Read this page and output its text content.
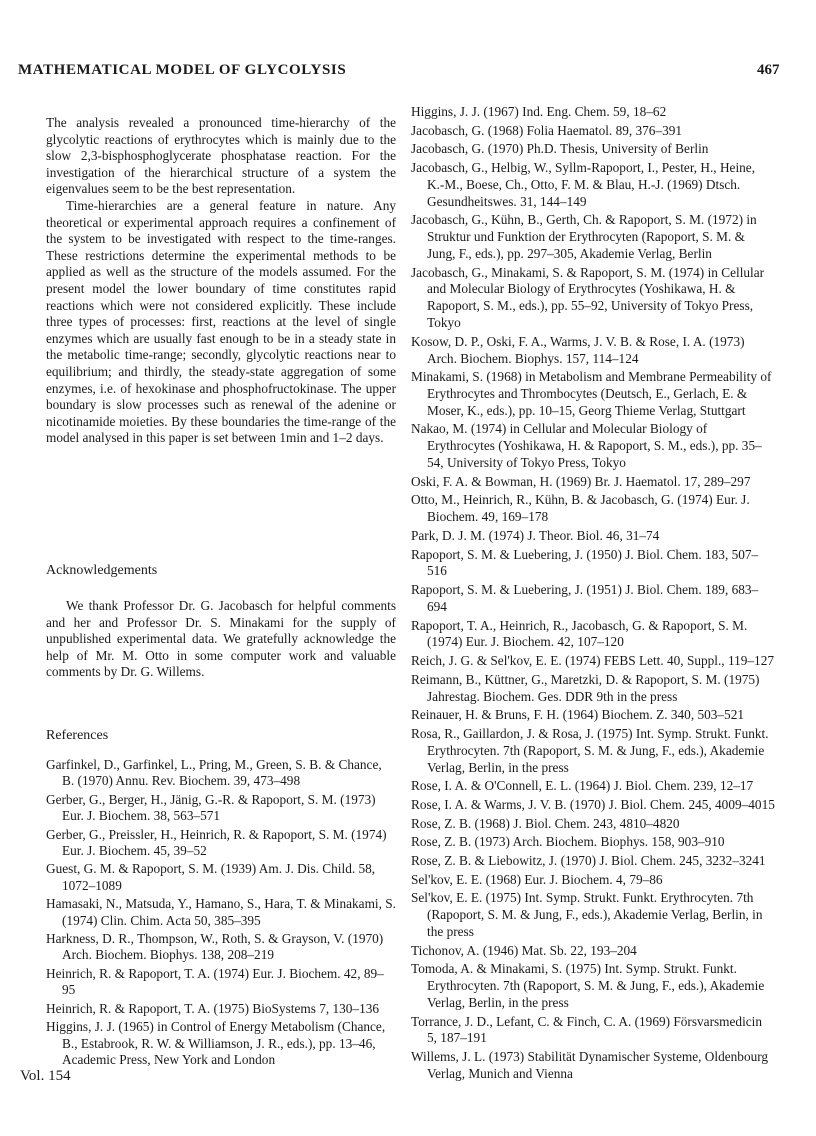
MATHEMATICAL MODEL OF GLYCOLYSIS	467

The analysis revealed a pronounced time-hierarchy of the glycolytic reactions of erythrocytes which is mainly due to the slow 2,3-bisphosphoglycerate phosphatase reaction. For the investigation of the hierarchical structure of a system the eigenvalues seem to be the best representation.

Time-hierarchies are a general feature in nature. Any theoretical or experimental approach requires a confinement of the system to be investigated with respect to the time-ranges. These restrictions determine the experimental methods to be applied as well as the structure of the models assumed. For the present model the lower boundary of time constitutes rapid reactions which were not considered explicitly. These include three types of processes: first, reactions at the level of single enzymes which are usually fast enough to be in a steady state in the metabolic time-range; secondly, glycolytic reactions near to equilibrium; and thirdly, the steady-state aggregation of some enzymes, i.e. of hexokinase and phosphofructokinase. The upper boundary is slow processes such as renewal of the adenine or nicotinamide moieties. By these boundaries the time-range of the model analysed in this paper is set between 1min and 1–2 days.

Acknowledgements

We thank Professor Dr. G. Jacobasch for helpful comments and her and Professor Dr. S. Minakami for the supply of unpublished experimental data. We gratefully acknowledge the help of Mr. M. Otto in some computer work and valuable comments by Dr. G. Willems.

References
Garfinkel, D., Garfinkel, L., Pring, M., Green, S. B. & Chance, B. (1970) Annu. Rev. Biochem. 39, 473–498
Gerber, G., Berger, H., Jänig, G.-R. & Rapoport, S. M. (1973) Eur. J. Biochem. 38, 563–571
Gerber, G., Preissler, H., Heinrich, R. & Rapoport, S. M. (1974) Eur. J. Biochem. 45, 39–52
Guest, G. M. & Rapoport, S. M. (1939) Am. J. Dis. Child. 58, 1072–1089
Hamasaki, N., Matsuda, Y., Hamano, S., Hara, T. & Minakami, S. (1974) Clin. Chim. Acta 50, 385–395
Harkness, D. R., Thompson, W., Roth, S. & Grayson, V. (1970) Arch. Biochem. Biophys. 138, 208–219
Heinrich, R. & Rapoport, T. A. (1974) Eur. J. Biochem. 42, 89–95
Heinrich, R. & Rapoport, T. A. (1975) BioSystems 7, 130–136
Higgins, J. J. (1965) in Control of Energy Metabolism (Chance, B., Estabrook, R. W. & Williamson, J. R., eds.), pp. 13–46, Academic Press, New York and London
Higgins, J. J. (1967) Ind. Eng. Chem. 59, 18–62
Jacobasch, G. (1968) Folia Haematol. 89, 376–391
Jacobasch, G. (1970) Ph.D. Thesis, University of Berlin
Jacobasch, G., Helbig, W., Syllm-Rapoport, I., Pester, H., Heine, K.-M., Boese, Ch., Otto, F. M. & Blau, H.-J. (1969) Dtsch. Gesundheitswes. 31, 144–149
Jacobasch, G., Kühn, B., Gerth, Ch. & Rapoport, S. M. (1972) in Struktur und Funktion der Erythrocyten (Rapoport, S. M. & Jung, F., eds.), pp. 297–305, Akademie Verlag, Berlin
Jacobasch, G., Minakami, S. & Rapoport, S. M. (1974) in Cellular and Molecular Biology of Erythrocytes (Yoshikawa, H. & Rapoport, S. M., eds.), pp. 55–92, University of Tokyo Press, Tokyo
Kosow, D. P., Oski, F. A., Warms, J. V. B. & Rose, I. A. (1973) Arch. Biochem. Biophys. 157, 114–124
Minakami, S. (1968) in Metabolism and Membrane Permeability of Erythrocytes and Thrombocytes (Deutsch, E., Gerlach, E. & Moser, K., eds.), pp. 10–15, Georg Thieme Verlag, Stuttgart
Nakao, M. (1974) in Cellular and Molecular Biology of Erythrocytes (Yoshikawa, H. & Rapoport, S. M., eds.), pp. 35–54, University of Tokyo Press, Tokyo
Oski, F. A. & Bowman, H. (1969) Br. J. Haematol. 17, 289–297
Otto, M., Heinrich, R., Kühn, B. & Jacobasch, G. (1974) Eur. J. Biochem. 49, 169–178
Park, D. J. M. (1974) J. Theor. Biol. 46, 31–74
Rapoport, S. M. & Luebering, J. (1950) J. Biol. Chem. 183, 507–516
Rapoport, S. M. & Luebering, J. (1951) J. Biol. Chem. 189, 683–694
Rapoport, T. A., Heinrich, R., Jacobasch, G. & Rapoport, S. M. (1974) Eur. J. Biochem. 42, 107–120
Reich, J. G. & Sel'kov, E. E. (1974) FEBS Lett. 40, Suppl., 119–127
Reimann, B., Küttner, G., Maretzki, D. & Rapoport, S. M. (1975) Jahrestag. Biochem. Ges. DDR 9th in the press
Reinauer, H. & Bruns, F. H. (1964) Biochem. Z. 340, 503–521
Rosa, R., Gaillardon, J. & Rosa, J. (1975) Int. Symp. Strukt. Funkt. Erythrocyten. 7th (Rapoport, S. M. & Jung, F., eds.), Akademie Verlag, Berlin, in the press
Rose, I. A. & O'Connell, E. L. (1964) J. Biol. Chem. 239, 12–17
Rose, I. A. & Warms, J. V. B. (1970) J. Biol. Chem. 245, 4009–4015
Rose, Z. B. (1968) J. Biol. Chem. 243, 4810–4820
Rose, Z. B. (1973) Arch. Biochem. Biophys. 158, 903–910
Rose, Z. B. & Liebowitz, J. (1970) J. Biol. Chem. 245, 3232–3241
Sel'kov, E. E. (1968) Eur. J. Biochem. 4, 79–86
Sel'kov, E. E. (1975) Int. Symp. Strukt. Funkt. Erythrocyten. 7th (Rapoport, S. M. & Jung, F., eds.), Akademie Verlag, Berlin, in the press
Tichonov, A. (1946) Mat. Sb. 22, 193–204
Tomoda, A. & Minakami, S. (1975) Int. Symp. Strukt. Funkt. Erythrocyten. 7th (Rapoport, S. M. & Jung, F., eds.), Akademie Verlag, Berlin, in the press
Torrance, J. D., Lefant, C. & Finch, C. A. (1969) Försvarsmedicin 5, 187–191
Willems, J. L. (1973) Stabilität Dynamischer Systeme, Oldenbourg Verlag, Munich and Vienna
Vol. 154
